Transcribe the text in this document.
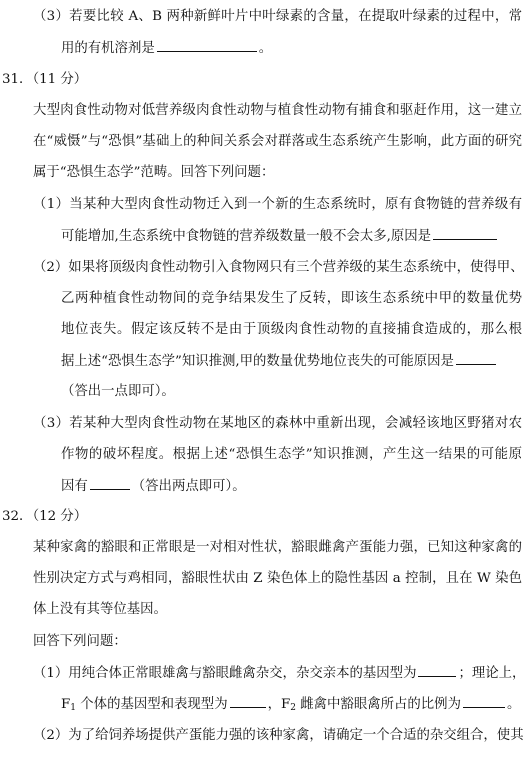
（3）若要比较 A、B 两种新鲜叶片中叶绿素的含量，在提取叶绿素的过程中，常
用的有机溶剂是	。
31．（11 分）
大型肉食性动物对低营养级肉食性动物与植食性动物有捕食和驱赶作用，这一建立
在“威慑”与“恐惧”基础上的种间关系会对群落或生态系统产生影响，此方面的研究
属于“恐惧生态学”范畴。回答下列问题：
（1）当某种大型肉食性动物迁入到一个新的生态系统时，原有食物链的营养级有
可能增加,生态系统中食物链的营养级数量一般不会太多,原因是
（2）如果将顶级肉食性动物引入食物网只有三个营养级的某生态系统中，使得甲、
乙两种植食性动物间的竞争结果发生了反转，即该生态系统中甲的数量优势
地位丧失。假定该反转不是由于顶级肉食性动物的直接捕食造成的，那么根
据上述“恐惧生态学”知识推测,甲的数量优势地位丧失的可能原因是
（答出一点即可）。
（3）若某种大型肉食性动物在某地区的森林中重新出现，会减轻该地区野猪对农
作物的破坏程度。根据上述“恐惧生态学”知识推测，产生这一结果的可能原
因有	（答出两点即可）。
32．（12 分）
某种家禽的豁眼和正常眼是一对相对性状，豁眼雌禽产蛋能力强，已知这种家禽的
性别决定方式与鸡相同，豁眼性状由 Z 染色体上的隐性基因 a 控制，且在 W 染色
体上没有其等位基因。
回答下列问题：
（1）用纯合体正常眼雄禽与豁眼雌禽杂交，杂交亲本的基因型为	；理论上，
$F_1$ 个体的基因型和表现型为	，$F_2$ 雌禽中豁眼禽所占的比例为	。
（2）为了给饲养场提供产蛋能力强的该种家禽，请确定一个合适的杂交组合，使其
